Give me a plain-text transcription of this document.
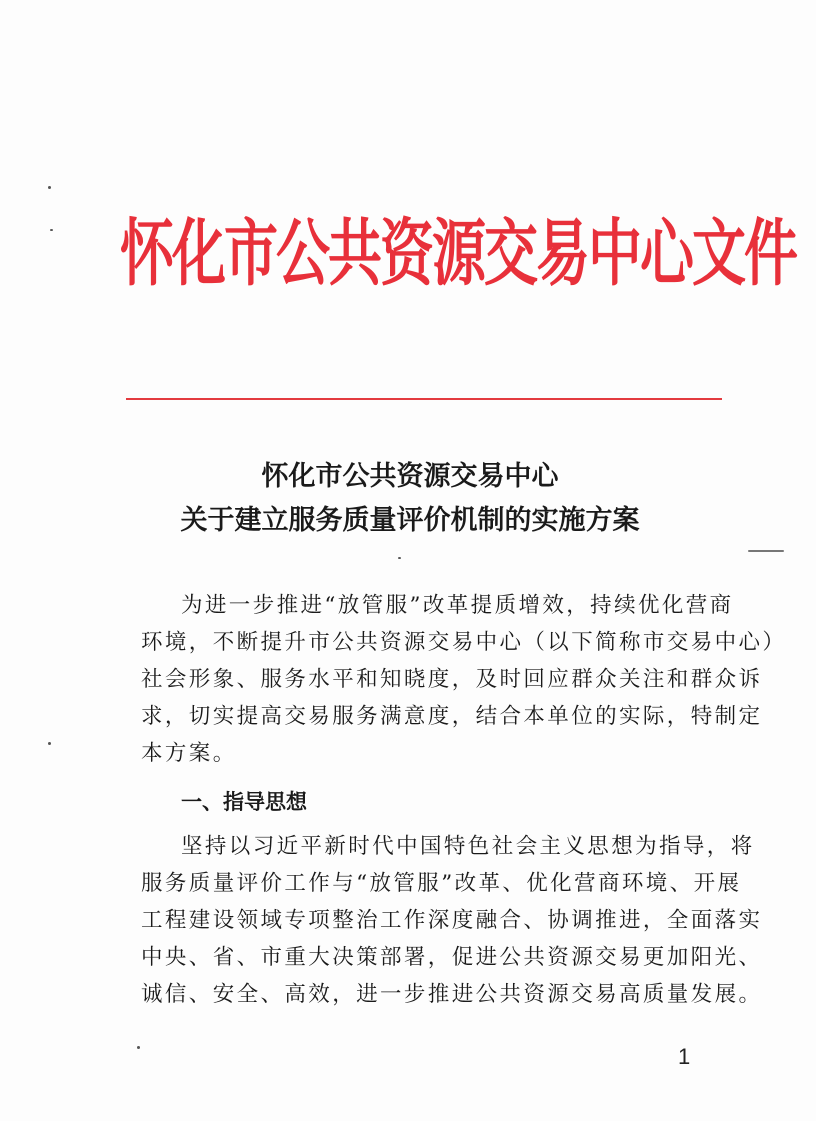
怀化市公共资源交易中心文件
怀化市公共资源交易中心
关于建立服务质量评价机制的实施方案
为进一步推进“放管服”改革提质增效，持续优化营商
环境，不断提升市公共资源交易中心（以下简称市交易中心）
社会形象、服务水平和知晓度，及时回应群众关注和群众诉
求，切实提高交易服务满意度，结合本单位的实际，特制定
本方案。
一、指导思想
坚持以习近平新时代中国特色社会主义思想为指导，将
服务质量评价工作与“放管服”改革、优化营商环境、开展
工程建设领域专项整治工作深度融合、协调推进，全面落实
中央、省、市重大决策部署，促进公共资源交易更加阳光、
诚信、安全、高效，进一步推进公共资源交易高质量发展。
1
